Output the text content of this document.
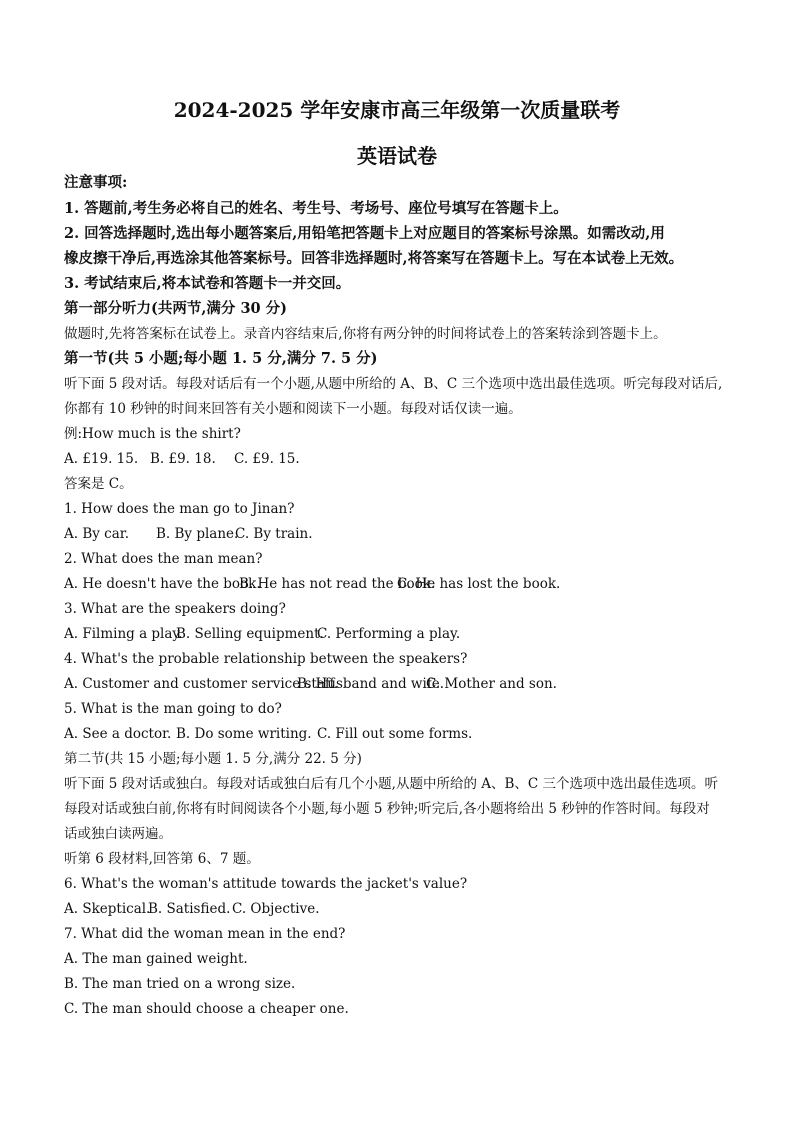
2024-2025 学年安康市高三年级第一次质量联考
英语试卷
注意事项:
1. 答题前,考生务必将自己的姓名、考生号、考场号、座位号填写在答题卡上。
2. 回答选择题时,选出每小题答案后,用铅笔把答题卡上对应题目的答案标号涂黑。如需改动,用
橡皮擦干净后,再选涂其他答案标号。回答非选择题时,将答案写在答题卡上。写在本试卷上无效。
3. 考试结束后,将本试卷和答题卡一并交回。
第一部分听力(共两节,满分 30 分)
做题时,先将答案标在试卷上。录音内容结束后,你将有两分钟的时间将试卷上的答案转涂到答题卡上。
第一节(共 5 小题;每小题 1. 5 分,满分 7. 5 分)
听下面 5 段对话。每段对话后有一个小题,从题中所给的 A、B、C 三个选项中选出最佳选项。听完每段对话后,
你都有 10 秒钟的时间来回答有关小题和阅读下一小题。每段对话仅读一遍。
例:How much is the shirt?
A. £19. 15. B. £9. 18. C. £9. 15.
答案是 C。
1. How does the man go to Jinan?
A. By car. B. By plane.C. By train.
2. What does the man mean?
A. He doesn't have the book.B. He has not read the book.C. He has lost the book.
3. What are the speakers doing?
A. Filming a play.B. Selling equipment.C. Performing a play.
4. What's the probable relationship between the speakers?
A. Customer and customer service staff.B. Husband and wife.C. Mother and son.
5. What is the man going to do?
A. See a doctor. B. Do some writing. C. Fill out some forms.
第二节(共 15 小题;每小题 1. 5 分,满分 22. 5 分)
听下面 5 段对话或独白。每段对话或独白后有几个小题,从题中所给的 A、B、C 三个选项中选出最佳选项。听
每段对话或独白前,你将有时间阅读各个小题,每小题 5 秒钟;听完后,各小题将给出 5 秒钟的作答时间。每段对
话或独白读两遍。
听第 6 段材料,回答第 6、7 题。
6. What's the woman's attitude towards the jacket's value?
A. Skeptical.B. Satisfied. C. Objective.
7. What did the woman mean in the end?
A. The man gained weight.
B. The man tried on a wrong size.
C. The man should choose a cheaper one.
